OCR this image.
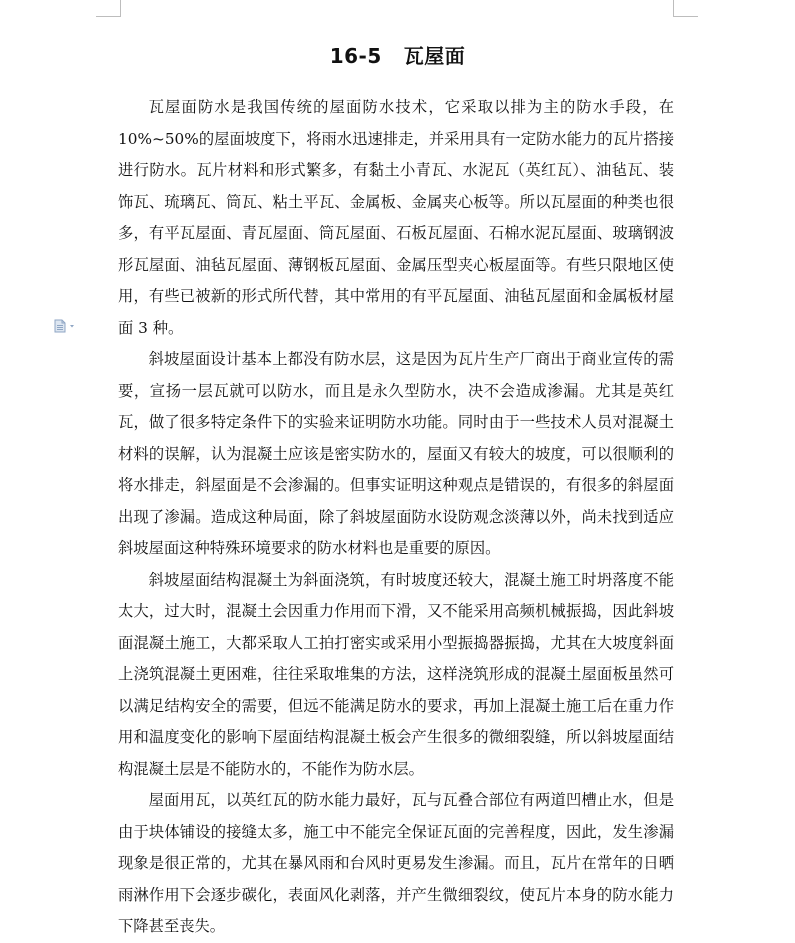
16-5 瓦屋面

瓦屋面防水是我国传统的屋面防水技术，它采取以排为主的防水手段，在10%~50%的屋面坡度下，将雨水迅速排走，并采用具有一定防水能力的瓦片搭接进行防水。瓦片材料和形式繁多，有黏土小青瓦、水泥瓦（英红瓦）、油毡瓦、装饰瓦、琉璃瓦、筒瓦、粘土平瓦、金属板、金属夹心板等。所以瓦屋面的种类也很多，有平瓦屋面、青瓦屋面、筒瓦屋面、石板瓦屋面、石棉水泥瓦屋面、玻璃钢波形瓦屋面、油毡瓦屋面、薄钢板瓦屋面、金属压型夹心板屋面等。有些只限地区使用，有些已被新的形式所代替，其中常用的有平瓦屋面、油毡瓦屋面和金属板材屋面 3 种。

斜坡屋面设计基本上都没有防水层，这是因为瓦片生产厂商出于商业宣传的需要，宣扬一层瓦就可以防水，而且是永久型防水，决不会造成渗漏。尤其是英红瓦，做了很多特定条件下的实验来证明防水功能。同时由于一些技术人员对混凝土材料的误解，认为混凝土应该是密实防水的，屋面又有较大的坡度，可以很顺利的将水排走，斜屋面是不会渗漏的。但事实证明这种观点是错误的，有很多的斜屋面出现了渗漏。造成这种局面，除了斜坡屋面防水设防观念淡薄以外，尚未找到适应斜坡屋面这种特殊环境要求的防水材料也是重要的原因。

斜坡屋面结构混凝土为斜面浇筑，有时坡度还较大，混凝土施工时坍落度不能太大，过大时，混凝土会因重力作用而下滑，又不能采用高频机械振捣，因此斜坡面混凝土施工，大都采取人工拍打密实或采用小型振捣器振捣，尤其在大坡度斜面上浇筑混凝土更困难，往往采取堆集的方法，这样浇筑形成的混凝土屋面板虽然可以满足结构安全的需要，但远不能满足防水的要求，再加上混凝土施工后在重力作用和温度变化的影响下屋面结构混凝土板会产生很多的微细裂缝，所以斜坡屋面结构混凝土层是不能防水的，不能作为防水层。

屋面用瓦，以英红瓦的防水能力最好，瓦与瓦叠合部位有两道凹槽止水，但是由于块体铺设的接缝太多，施工中不能完全保证瓦面的完善程度，因此，发生渗漏现象是很正常的，尤其在暴风雨和台风时更易发生渗漏。而且，瓦片在常年的日晒雨淋作用下会逐步碳化，表面风化剥落，并产生微细裂纹，使瓦片本身的防水能力下降甚至丧失。
